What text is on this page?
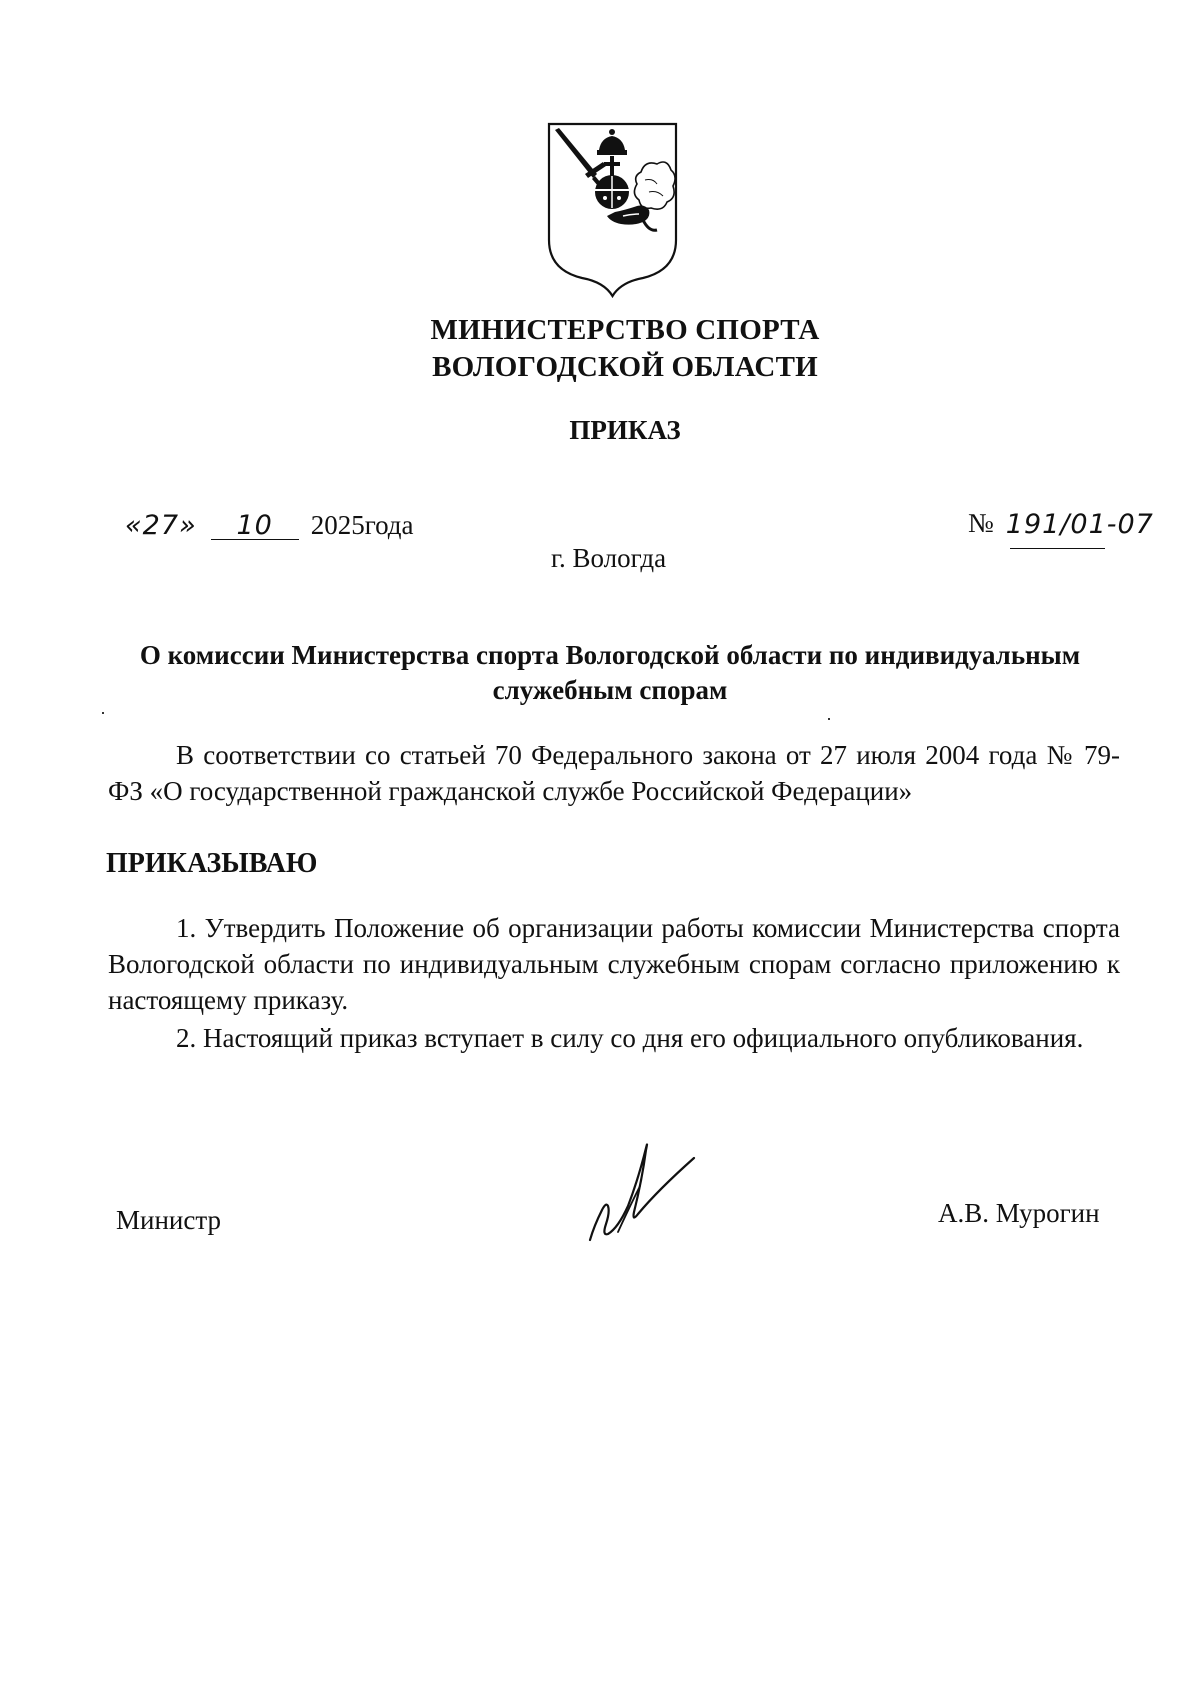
МИНИСТЕРСТВО СПОРТА
ВОЛОГОДСКОЙ ОБЛАСТИ
ПРИКАЗ
«27»	10	2025 года	№ 191/01-07
г. Вологда
О комиссии Министерства спорта Вологодской области по индивидуальным служебным спорам
В соответствии со статьей 70 Федерального закона от 27 июля 2004 года № 79-ФЗ «О государственной гражданской службе Российской Федерации»
ПРИКАЗЫВАЮ
1. Утвердить Положение об организации работы комиссии Министерства спорта Вологодской области по индивидуальным служебным спорам согласно приложению к настоящему приказу.
2. Настоящий приказ вступает в силу со дня его официального опубликования.
Министр	А.В. Мурогин
